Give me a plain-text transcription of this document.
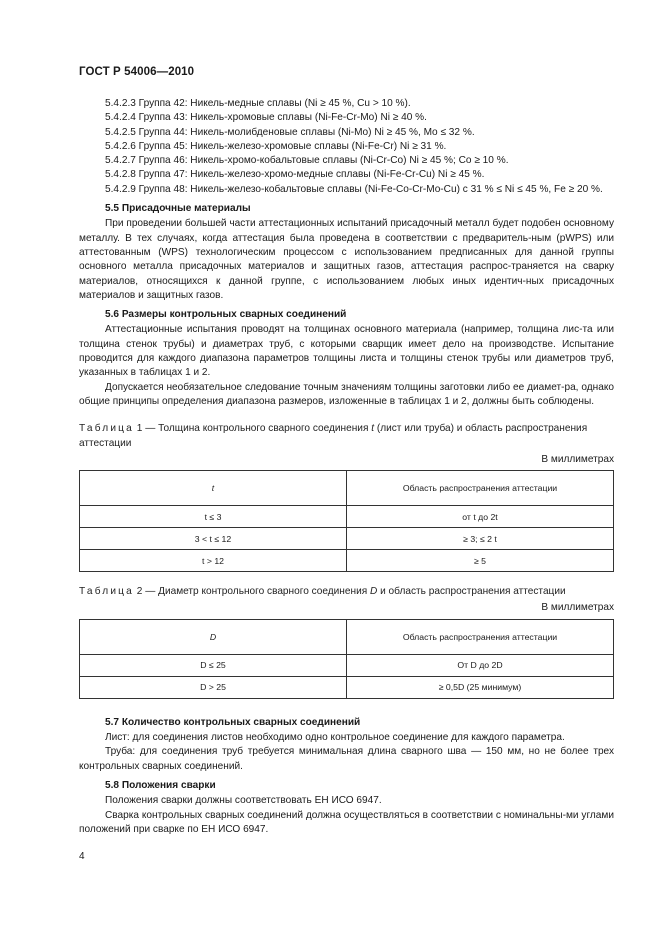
ГОСТ Р 54006—2010

5.4.2.3 Группа 42: Никель-медные сплавы (Ni ≥ 45 %, Cu > 10 %).

5.4.2.4 Группа 43: Никель-хромовые сплавы (Ni-Fe-Cr-Mo) Ni ≥ 40 %.

5.4.2.5 Группа 44: Никель-молибденовые сплавы (Ni-Mo) Ni ≥ 45 %, Mo ≤ 32 %.

5.4.2.6 Группа 45: Никель-железо-хромовые сплавы (Ni-Fe-Cr) Ni ≥ 31 %.

5.4.2.7 Группа 46: Никель-хромо-кобальтовые сплавы (Ni-Cr-Co) Ni ≥ 45 %; Co ≥ 10 %.

5.4.2.8 Группа 47: Никель-железо-хромо-медные сплавы (Ni-Fe-Cr-Cu) Ni ≥ 45 %.

5.4.2.9 Группа 48: Никель-железо-кобальтовые сплавы (Ni-Fe-Co-Cr-Mo-Cu) с 31 % ≤ Ni ≤ 45 %, Fe ≥ 20 %.

5.5 Присадочные материалы

При проведении большей части аттестационных испытаний присадочный металл будет подобен основному металлу. В тех случаях, когда аттестация была проведена в соответствии с предваритель-ным (pWPS) или аттестованным (WPS) технологическим процессом с использованием предписанных для данной группы основного металла присадочных материалов и защитных газов, аттестация распрос-траняется на сварку материалов, относящихся к данной группе, с использованием любых иных идентич-ных присадочных материалов и защитных газов.

5.6 Размеры контрольных сварных соединений

Аттестационные испытания проводят на толщинах основного материала (например, толщина лис-та или толщина стенок трубы) и диаметрах труб, с которыми сварщик имеет дело на производстве. Испытание проводится для каждого диапазона параметров толщины листа и толщины стенок трубы или диаметров труб, указанных в таблицах 1 и 2.

Допускается необязательное следование точным значениям толщины заготовки либо ее диамет-ра, однако общие принципы определения диапазона размеров, изложенные в таблицах 1 и 2, должны быть соблюдены.

Таблица 1 — Толщина контрольного сварного соединения t (лист или труба) и область распространения аттестации

В миллиметрах

t	Область распространения аттестации
t ≤ 3	от t до 2t
3 < t ≤ 12	≥ 3; ≤ 2 t
t > 12	≥ 5

Таблица 2 — Диаметр контрольного сварного соединения D и область распространения аттестации

В миллиметрах

D	Область распространения аттестации
D ≤ 25	От D до 2D
D > 25	≥ 0,5D (25 минимум)

5.7 Количество контрольных сварных соединений

Лист: для соединения листов необходимо одно контрольное соединение для каждого параметра.

Труба: для соединения труб требуется минимальная длина сварного шва — 150 мм, но не более трех контрольных сварных соединений.

5.8 Положения сварки

Положения сварки должны соответствовать ЕН ИСО 6947.

Сварка контрольных сварных соединений должна осуществляться в соответствии с номинальны-ми углами положений при сварке по ЕН ИСО 6947.

4
